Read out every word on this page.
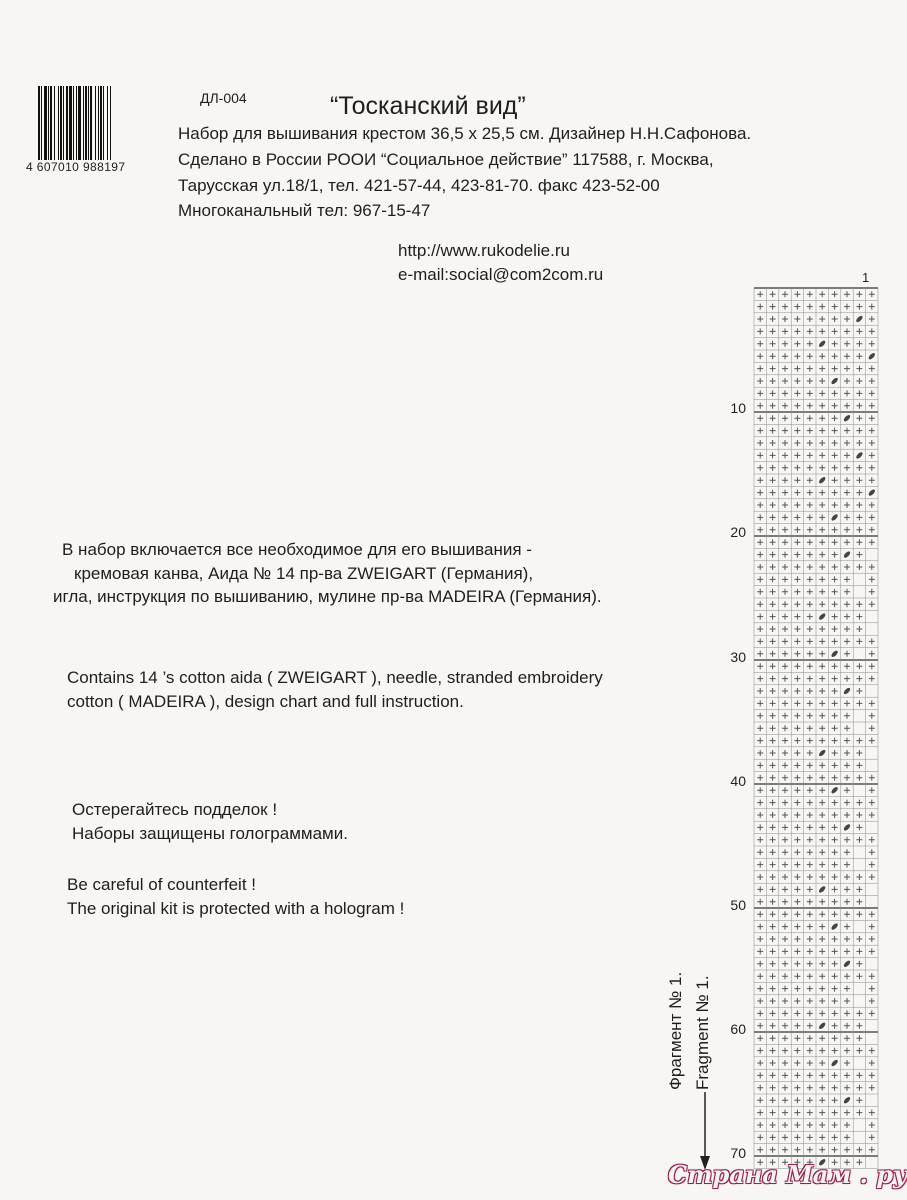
4 607010 988197
ДЛ-004	“Тосканский вид”
Набор для вышивания крестом 36,5 х 25,5 см. Дизайнер Н.Н.Сафонова.
Сделано в России РООИ “Социальное действие” 117588, г. Москва,
Тарусская ул.18/1, тел. 421-57-44, 423-81-70. факс 423-52-00
Многоканальный тел: 967-15-47
http://www.rukodelie.ru
e-mail:social@com2com.ru
В набор включается все необходимое для его вышивания -
кремовая канва, Аида № 14 пр-ва ZWEIGART (Германия),
игла, инструкция по вышиванию, мулине пр-ва MADEIRA (Германия).
Contains 14 ’s cotton aida ( ZWEIGART ), needle, stranded embroidery
cotton ( MADEIRA ), design chart and full instruction.
Остерегайтесь подделок !
Наборы защищены голограммами.
Be careful of counterfeit !
The original kit is protected with a hologram !
1
10
20
30
40
50
60
70
Фрагмент № 1. Fragment № 1.
Страна Мам . ру
